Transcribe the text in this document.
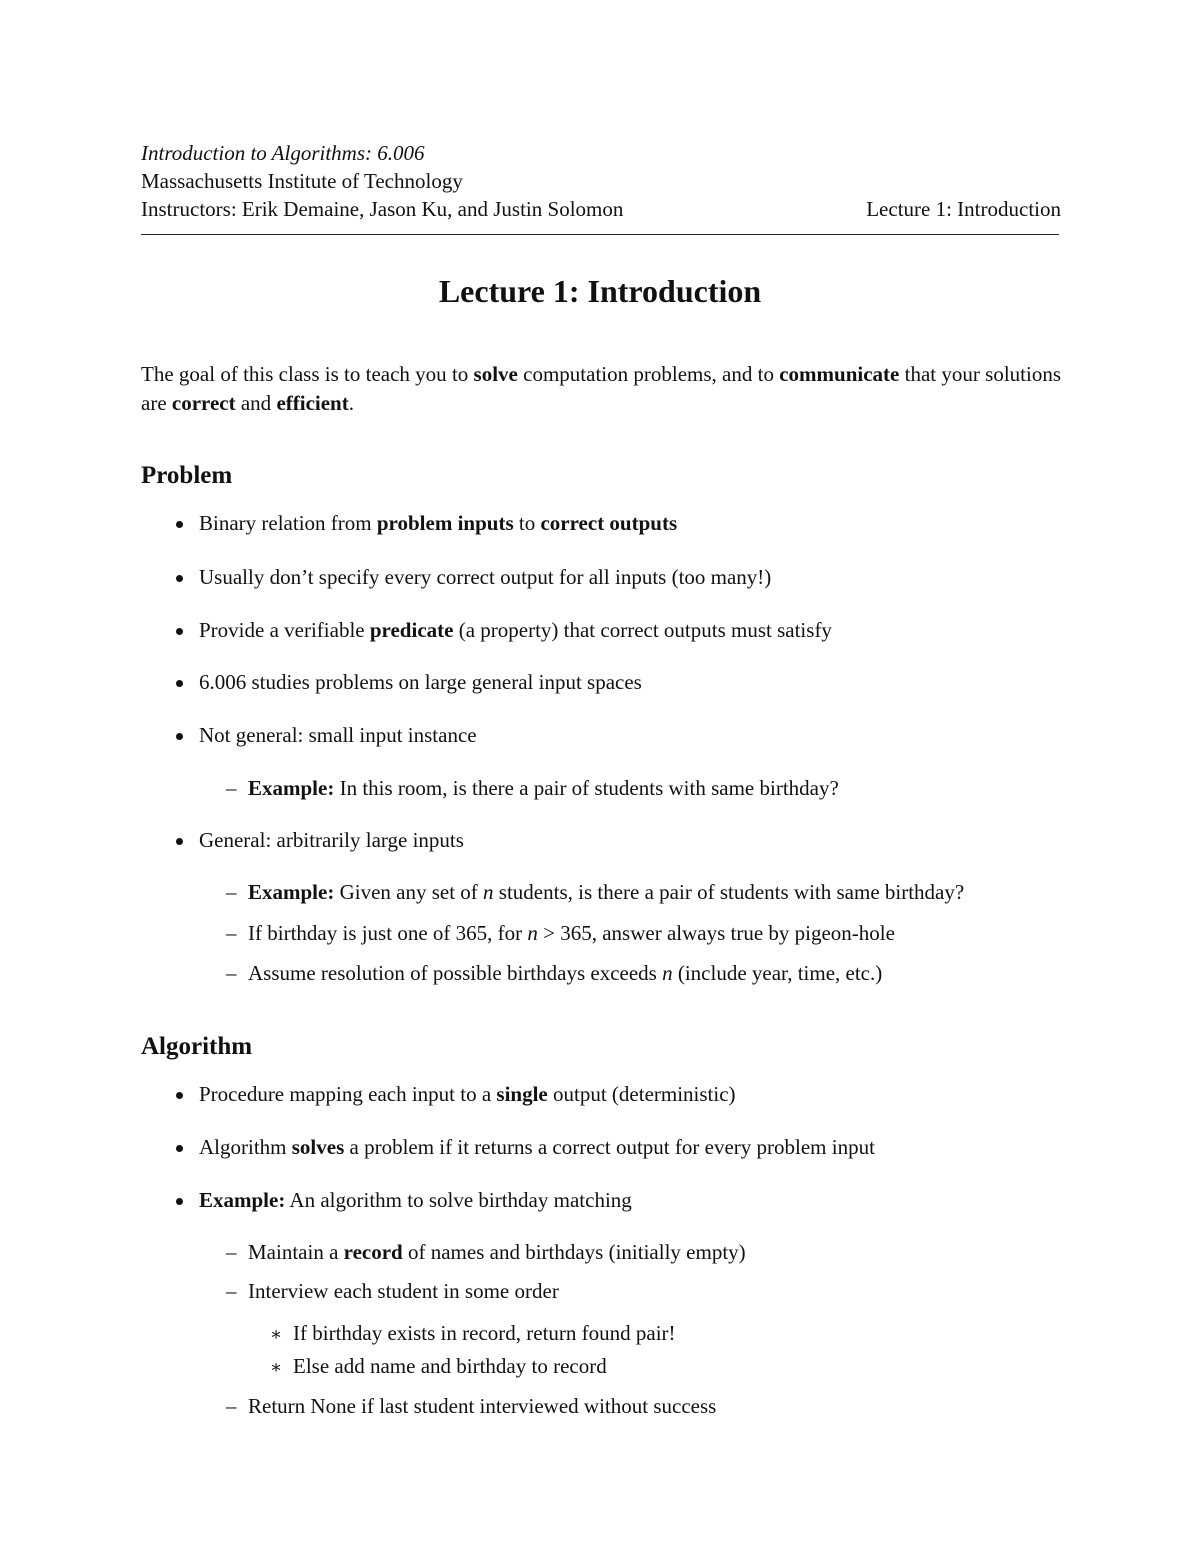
Introduction to Algorithms: 6.006
Massachusetts Institute of Technology
Instructors: Erik Demaine, Jason Ku, and Justin Solomon	Lecture 1: Introduction
Lecture 1: Introduction
The goal of this class is to teach you to solve computation problems, and to communicate that your solutions are correct and efficient.
Problem
Binary relation from problem inputs to correct outputs
Usually don’t specify every correct output for all inputs (too many!)
Provide a verifiable predicate (a property) that correct outputs must satisfy
6.006 studies problems on large general input spaces
Not general: small input instance
– Example: In this room, is there a pair of students with same birthday?
General: arbitrarily large inputs
– Example: Given any set of n students, is there a pair of students with same birthday?
– If birthday is just one of 365, for n > 365, answer always true by pigeon-hole
– Assume resolution of possible birthdays exceeds n (include year, time, etc.)
Algorithm
Procedure mapping each input to a single output (deterministic)
Algorithm solves a problem if it returns a correct output for every problem input
Example: An algorithm to solve birthday matching
– Maintain a record of names and birthdays (initially empty)
– Interview each student in some order
∗ If birthday exists in record, return found pair!
∗ Else add name and birthday to record
– Return None if last student interviewed without success
